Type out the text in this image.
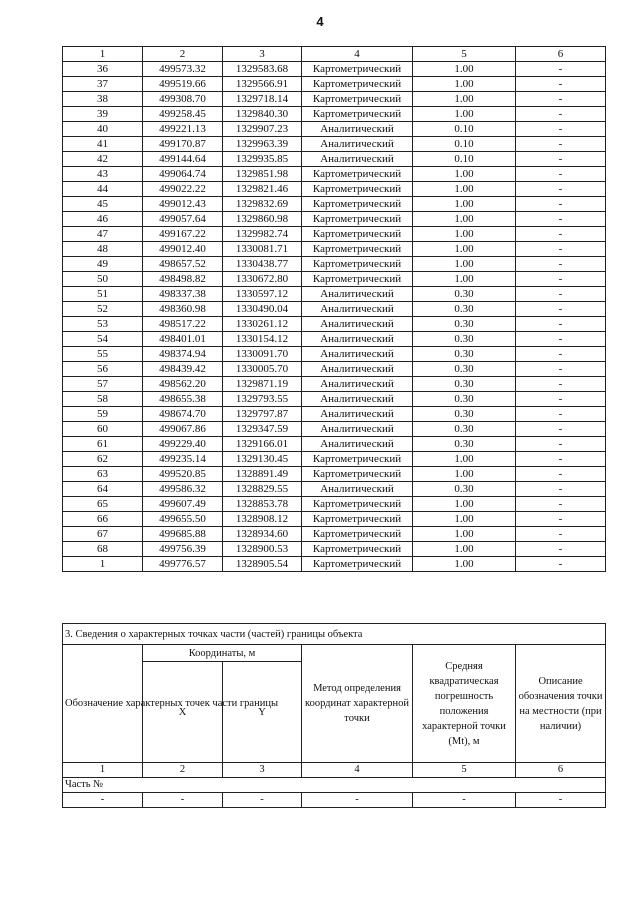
4
1	2	3	4	5	6
36	499573.32	1329583.68	Картометрический	1.00	-
37	499519.66	1329566.91	Картометрический	1.00	-
38	499308.70	1329718.14	Картометрический	1.00	-
39	499258.45	1329840.30	Картометрический	1.00	-
40	499221.13	1329907.23	Аналитический	0.10	-
41	499170.87	1329963.39	Аналитический	0.10	-
42	499144.64	1329935.85	Аналитический	0.10	-
43	499064.74	1329851.98	Картометрический	1.00	-
44	499022.22	1329821.46	Картометрический	1.00	-
45	499012.43	1329832.69	Картометрический	1.00	-
46	499057.64	1329860.98	Картометрический	1.00	-
47	499167.22	1329982.74	Картометрический	1.00	-
48	499012.40	1330081.71	Картометрический	1.00	-
49	498657.52	1330438.77	Картометрический	1.00	-
50	498498.82	1330672.80	Картометрический	1.00	-
51	498337.38	1330597.12	Аналитический	0.30	-
52	498360.98	1330490.04	Аналитический	0.30	-
53	498517.22	1330261.12	Аналитический	0.30	-
54	498401.01	1330154.12	Аналитический	0.30	-
55	498374.94	1330091.70	Аналитический	0.30	-
56	498439.42	1330005.70	Аналитический	0.30	-
57	498562.20	1329871.19	Аналитический	0.30	-
58	498655.38	1329793.55	Аналитический	0.30	-
59	498674.70	1329797.87	Аналитический	0.30	-
60	499067.86	1329347.59	Аналитический	0.30	-
61	499229.40	1329166.01	Аналитический	0.30	-
62	499235.14	1329130.45	Картометрический	1.00	-
63	499520.85	1328891.49	Картометрический	1.00	-
64	499586.32	1328829.55	Аналитический	0.30	-
65	499607.49	1328853.78	Картометрический	1.00	-
66	499655.50	1328908.12	Картометрический	1.00	-
67	499685.88	1328934.60	Картометрический	1.00	-
68	499756.39	1328900.53	Картометрический	1.00	-
1	499776.57	1328905.54	Картометрический	1.00	-
3. Сведения о характерных точках части (частей) границы объекта					
Обозначение характерных точек части границы	Координаты, м		Метод определения координат характерной точки	Средняя квадратическая погрешность положения характерной точки (Mt), м	Описание обозначения точки на местности (при наличии)
	X	Y			
1	2	3	4	5	6
Часть №					
-	-	-	-	-	-
